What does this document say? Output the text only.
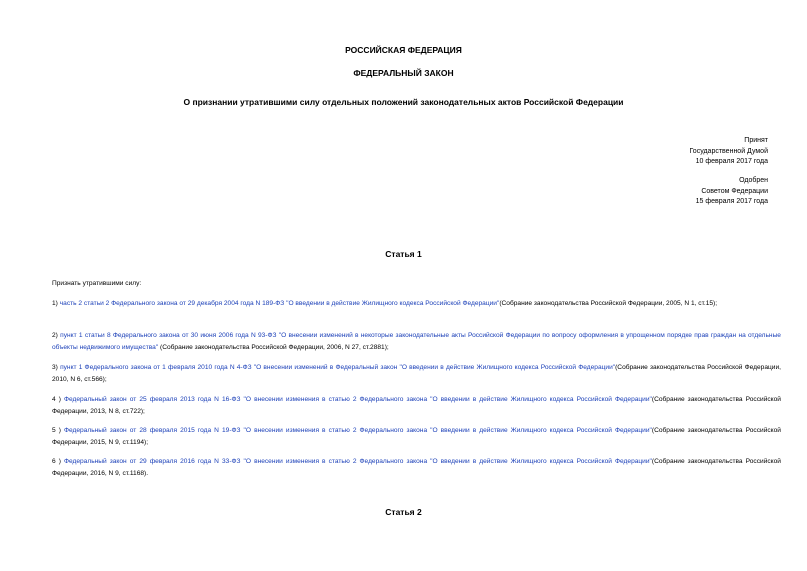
РОССИЙСКАЯ ФЕДЕРАЦИЯ
ФЕДЕРАЛЬНЫЙ ЗАКОН
О признании утратившими силу отдельных положений законодательных актов Российской Федерации
Принят
Государственной Думой
10 февраля 2017 года
Одобрен
Советом Федерации
15 февраля 2017 года
Статья 1
Признать утратившими силу:
1) часть 2 статьи 2 Федерального закона от 29 декабря 2004 года N 189-ФЗ "О введении в действие Жилищного кодекса Российской Федерации"(Собрание законодательства Российской Федерации, 2005, N 1, ст.15);
2) пункт 1 статьи 8 Федерального закона от 30 июня 2006 года N 93-ФЗ "О внесении изменений в некоторые законодательные акты Российской Федерации по вопросу оформления в упрощенном порядке прав граждан на отдельные объекты недвижимого имущества" (Собрание законодательства Российской Федерации, 2006, N 27, ст.2881);
3) пункт 1 Федерального закона от 1 февраля 2010 года N 4-ФЗ "О внесении изменений в Федеральный закон "О введении в действие Жилищного кодекса Российской Федерации"(Собрание законодательства Российской Федерации, 2010, N 6, ст.566);
4 ) Федеральный закон от 25 февраля 2013 года N 16-ФЗ "О внесении изменения в статью 2 Федерального закона "О введении в действие Жилищного кодекса Российской Федерации"(Собрание законодательства Российской Федерации, 2013, N 8, ст.722);
5 ) Федеральный закон от 28 февраля 2015 года N 19-ФЗ "О внесении изменения в статью 2 Федерального закона "О введении в действие Жилищного кодекса Российской Федерации"(Собрание законодательства Российской Федерации, 2015, N 9, ст.1194);
6 ) Федеральный закон от 29 февраля 2016 года N 33-ФЗ "О внесении изменения в статью 2 Федерального закона "О введении в действие Жилищного кодекса Российской Федерации"(Собрание законодательства Российской Федерации, 2016, N 9, ст.1168).
Статья 2
